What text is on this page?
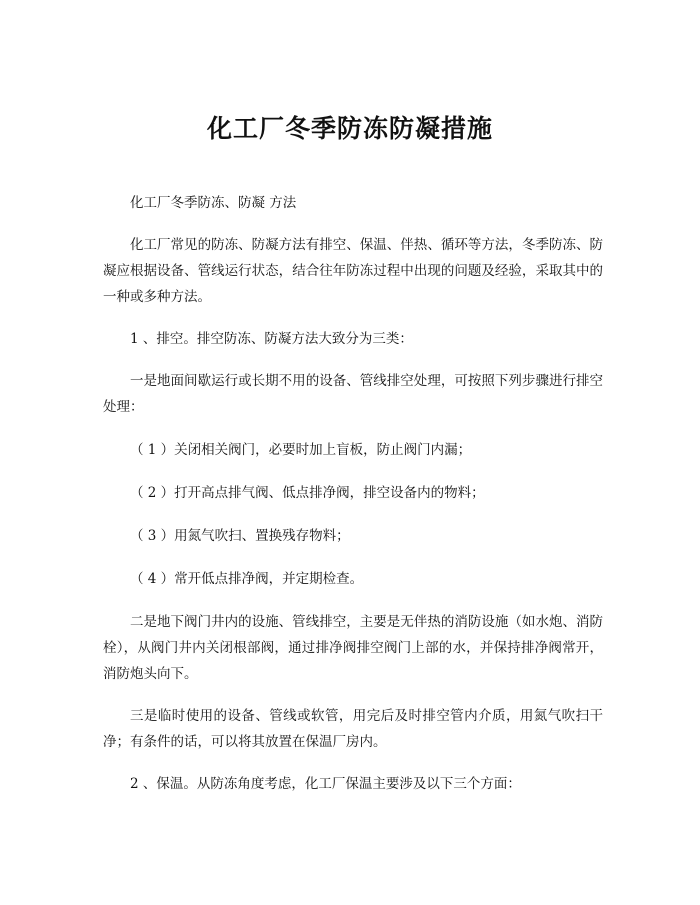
化工厂冬季防冻防凝措施

化工厂冬季防冻、防凝 方法

化工厂常见的防冻、防凝方法有排空、保温、伴热、循环等方法，冬季防冻、防凝应根据设备、管线运行状态，结合往年防冻过程中出现的问题及经验，采取其中的一种或多种方法。

1 、排空。排空防冻、防凝方法大致分为三类：

一是地面间歇运行或长期不用的设备、管线排空处理，可按照下列步骤进行排空处理：

（ 1 ）关闭相关阀门，必要时加上盲板，防止阀门内漏；

（ 2 ）打开高点排气阀、低点排净阀，排空设备内的物料；

（ 3 ）用氮气吹扫、置换残存物料；

（ 4 ）常开低点排净阀，并定期检查。

二是地下阀门井内的设施、管线排空，主要是无伴热的消防设施（如水炮、消防栓），从阀门井内关闭根部阀，通过排净阀排空阀门上部的水，并保持排净阀常开，消防炮头向下。

三是临时使用的设备、管线或软管，用完后及时排空管内介质，用氮气吹扫干净；有条件的话，可以将其放置在保温厂房内。

2 、保温。从防冻角度考虑，化工厂保温主要涉及以下三个方面：
